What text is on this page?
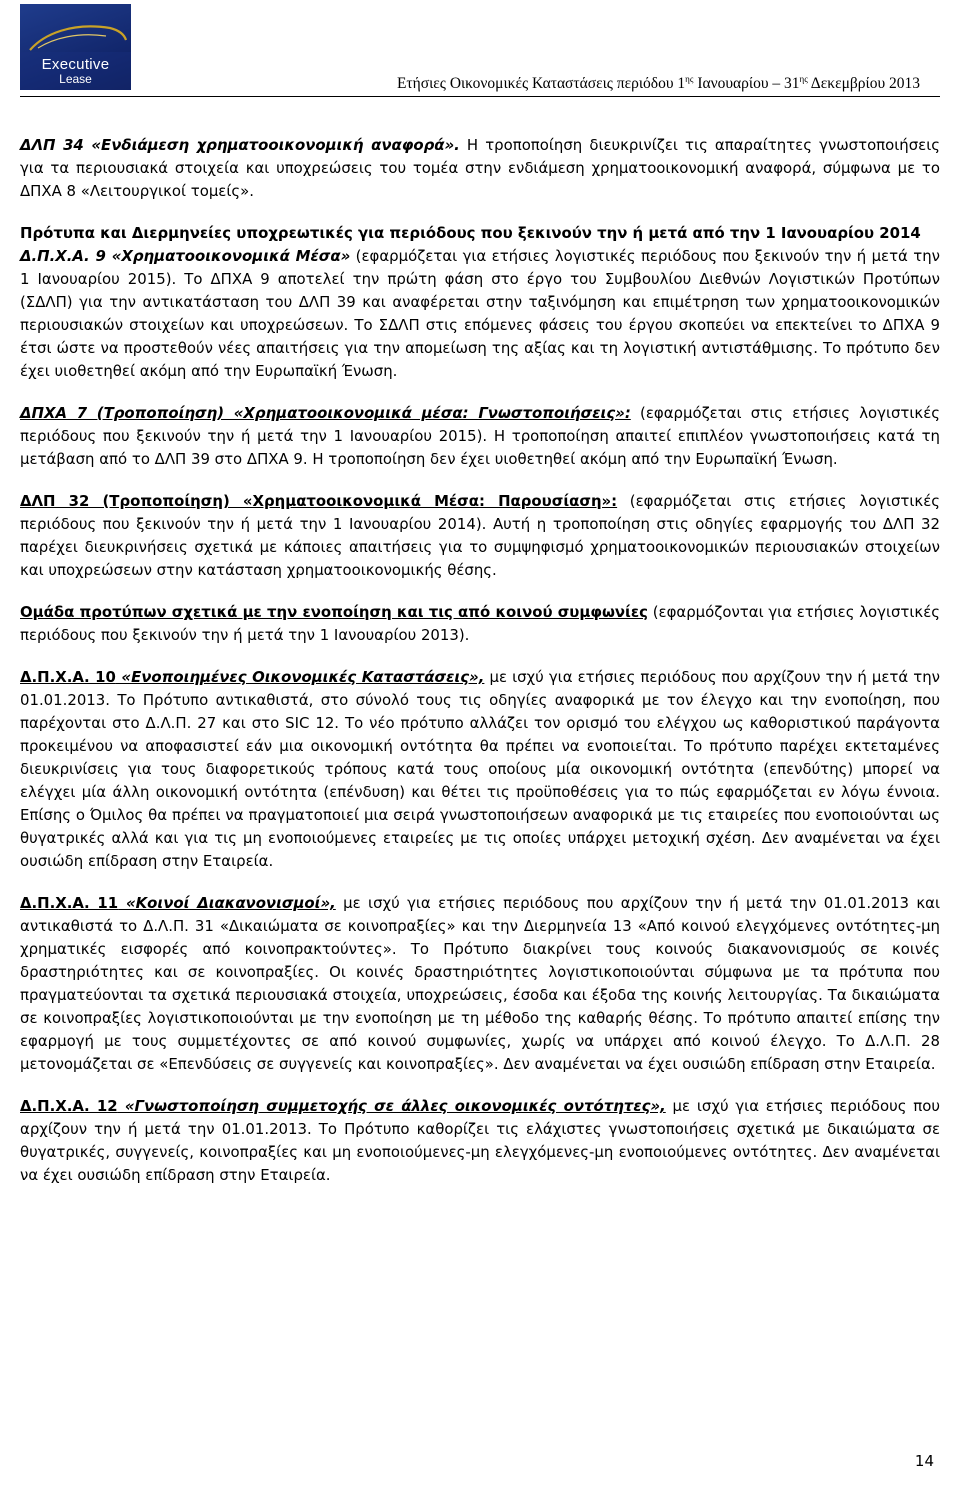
Executive
Lease	Ετήσιες Οικονομικές Καταστάσεις περιόδου $1^{\eta\varsigma}$ Ιανουαρίου – $31^{\eta\varsigma}$ Δεκεμβρίου 2013

ΔΛΠ 34 «Ενδιάμεση χρηματοοικονομική αναφορά». Η τροποποίηση διευκρινίζει τις απαραίτητες γνωστοποιήσεις για τα περιουσιακά στοιχεία και υποχρεώσεις του τομέα στην ενδιάμεση χρηματοοικονομική αναφορά, σύμφωνα με το ΔΠΧΑ 8 «Λειτουργικοί τομείς».

Πρότυπα και Διερμηνείες υποχρεωτικές για περιόδους που ξεκινούν την ή μετά από την 1 Ιανουαρίου 2014

Δ.Π.Χ.Α. 9 «Χρηματοοικονομικά Μέσα» (εφαρμόζεται για ετήσιες λογιστικές περιόδους που ξεκινούν την ή μετά την 1 Ιανουαρίου 2015). Το ΔΠΧΑ 9 αποτελεί την πρώτη φάση στο έργο του Συμβουλίου Διεθνών Λογιστικών Προτύπων (ΣΔΛΠ) για την αντικατάσταση του ΔΛΠ 39 και αναφέρεται στην ταξινόμηση και επιμέτρηση των χρηματοοικονομικών περιουσιακών στοιχείων και υποχρεώσεων. Το ΣΔΛΠ στις επόμενες φάσεις του έργου σκοπεύει να επεκτείνει το ΔΠΧΑ 9 έτσι ώστε να προστεθούν νέες απαιτήσεις για την απομείωση της αξίας και τη λογιστική αντιστάθμισης. Το πρότυπο δεν έχει υιοθετηθεί ακόμη από την Ευρωπαϊκή Ένωση.

ΔΠΧΑ 7 (Τροποποίηση) «Χρηματοοικονομικά μέσα: Γνωστοποιήσεις»: (εφαρμόζεται στις ετήσιες λογιστικές περιόδους που ξεκινούν την ή μετά την 1 Ιανουαρίου 2015). Η τροποποίηση απαιτεί επιπλέον γνωστοποιήσεις κατά τη μετάβαση από το ΔΛΠ 39 στο ΔΠΧΑ 9. Η τροποποίηση δεν έχει υιοθετηθεί ακόμη από την Ευρωπαϊκή Ένωση.

ΔΛΠ 32 (Τροποποίηση) «Χρηματοοικονομικά Μέσα: Παρουσίαση»: (εφαρμόζεται στις ετήσιες λογιστικές περιόδους που ξεκινούν την ή μετά την 1 Ιανουαρίου 2014). Αυτή η τροποποίηση στις οδηγίες εφαρμογής του ΔΛΠ 32 παρέχει διευκρινήσεις σχετικά με κάποιες απαιτήσεις για το συμψηφισμό χρηματοοικονομικών περιουσιακών στοιχείων και υποχρεώσεων στην κατάσταση χρηματοοικονομικής θέσης.

Ομάδα προτύπων σχετικά με την ενοποίηση και τις από κοινού συμφωνίες (εφαρμόζονται για ετήσιες λογιστικές περιόδους που ξεκινούν την ή μετά την 1 Ιανουαρίου 2013).

Δ.Π.Χ.Α. 10 «Ενοποιημένες Οικονομικές Καταστάσεις», με ισχύ για ετήσιες περιόδους που αρχίζουν την ή μετά την 01.01.2013. Το Πρότυπο αντικαθιστά, στο σύνολό τους τις οδηγίες αναφορικά με τον έλεγχο και την ενοποίηση, που παρέχονται στο Δ.Λ.Π. 27 και στο SIC 12. Το νέο πρότυπο αλλάζει τον ορισμό του ελέγχου ως καθοριστικού παράγοντα προκειμένου να αποφασιστεί εάν μια οικονομική οντότητα θα πρέπει να ενοποιείται. Το πρότυπο παρέχει εκτεταμένες διευκρινίσεις για τους διαφορετικούς τρόπους κατά τους οποίους μία οικονομική οντότητα (επενδύτης) μπορεί να ελέγχει μία άλλη οικονομική οντότητα (επένδυση) και θέτει τις προϋποθέσεις για το πώς εφαρμόζεται εν λόγω έννοια. Επίσης ο Όμιλος θα πρέπει να πραγματοποιεί μια σειρά γνωστοποιήσεων αναφορικά με τις εταιρείες που ενοποιούνται ως θυγατρικές αλλά και για τις μη ενοποιούμενες εταιρείες με τις οποίες υπάρχει μετοχική σχέση. Δεν αναμένεται να έχει ουσιώδη επίδραση στην Εταιρεία.

Δ.Π.Χ.Α. 11 «Κοινοί Διακανονισμοί», με ισχύ για ετήσιες περιόδους που αρχίζουν την ή μετά την 01.01.2013 και αντικαθιστά το Δ.Λ.Π. 31 «Δικαιώματα σε κοινοπραξίες» και την Διερμηνεία 13 «Από κοινού ελεγχόμενες οντότητες-μη χρηματικές εισφορές από κοινοπρακτούντες». Το Πρότυπο διακρίνει τους κοινούς διακανονισμούς σε κοινές δραστηριότητες και σε κοινοπραξίες. Οι κοινές δραστηριότητες λογιστικοποιούνται σύμφωνα με τα πρότυπα που πραγματεύονται τα σχετικά περιουσιακά στοιχεία, υποχρεώσεις, έσοδα και έξοδα της κοινής λειτουργίας. Τα δικαιώματα σε κοινοπραξίες λογιστικοποιούνται με την ενοποίηση με τη μέθοδο της καθαρής θέσης. Το πρότυπο απαιτεί επίσης την εφαρμογή με τους συμμετέχοντες σε από κοινού συμφωνίες, χωρίς να υπάρχει από κοινού έλεγχο. Το Δ.Λ.Π. 28 μετονομάζεται σε «Επενδύσεις σε συγγενείς και κοινοπραξίες». Δεν αναμένεται να έχει ουσιώδη επίδραση στην Εταιρεία.

Δ.Π.Χ.Α. 12 «Γνωστοποίηση συμμετοχής σε άλλες οικονομικές οντότητες», με ισχύ για ετήσιες περιόδους που αρχίζουν την ή μετά την 01.01.2013. Το Πρότυπο καθορίζει τις ελάχιστες γνωστοποιήσεις σχετικά με δικαιώματα σε θυγατρικές, συγγενείς, κοινοπραξίες και μη ενοποιούμενες-μη ελεγχόμενες-μη ενοποιούμενες οντότητες. Δεν αναμένεται να έχει ουσιώδη επίδραση στην Εταιρεία.

14
